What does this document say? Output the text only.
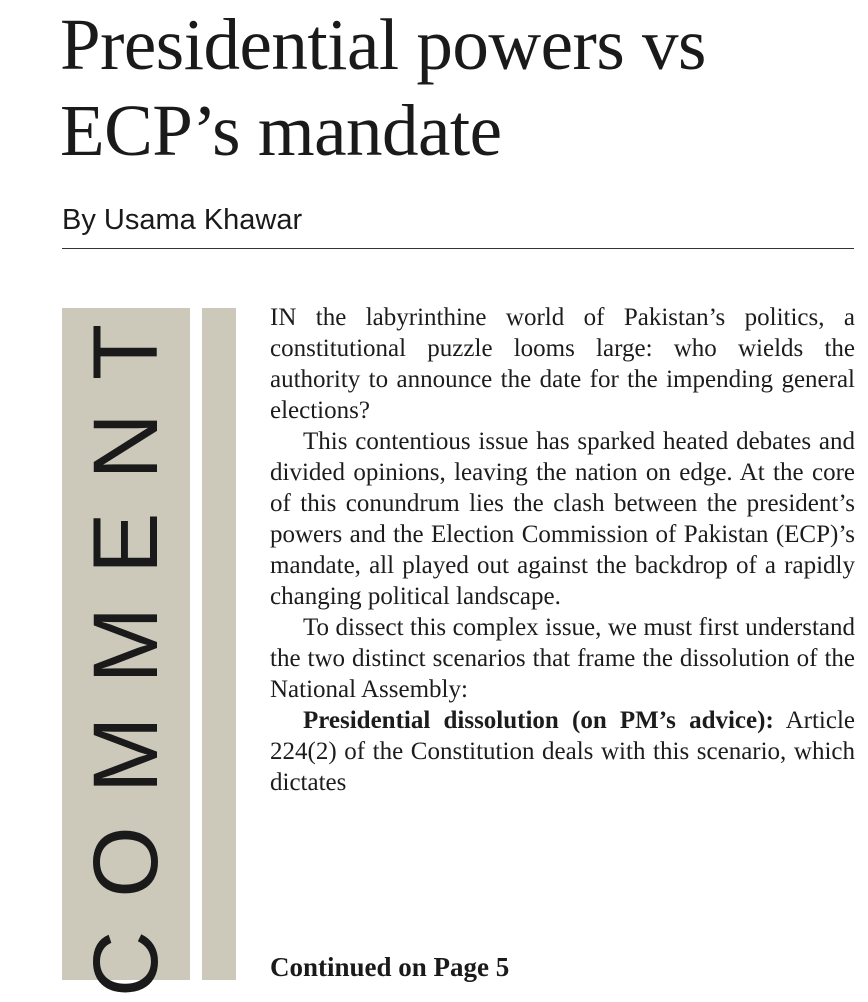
Presidential powers vs ECP’s mandate
By Usama Khawar
COMMENT	IN the labyrinthine world of Pakistan’s politics, a constitutional puzzle looms large: who wields the authority to announce the date for the impending general elections?

This contentious issue has sparked heated debates and divided opinions, leaving the nation on edge. At the core of this conundrum lies the clash between the president’s powers and the Election Commission of Pakistan (ECP)’s mandate, all played out against the backdrop of a rapidly changing political landscape.

To dissect this complex issue, we must first understand the two distinct scenarios that frame the dissolution of the National Assembly:

Presidential dissolution (on PM’s advice): Article 224(2) of the Constitution deals with this scenario, which dictates

Continued on Page 5
